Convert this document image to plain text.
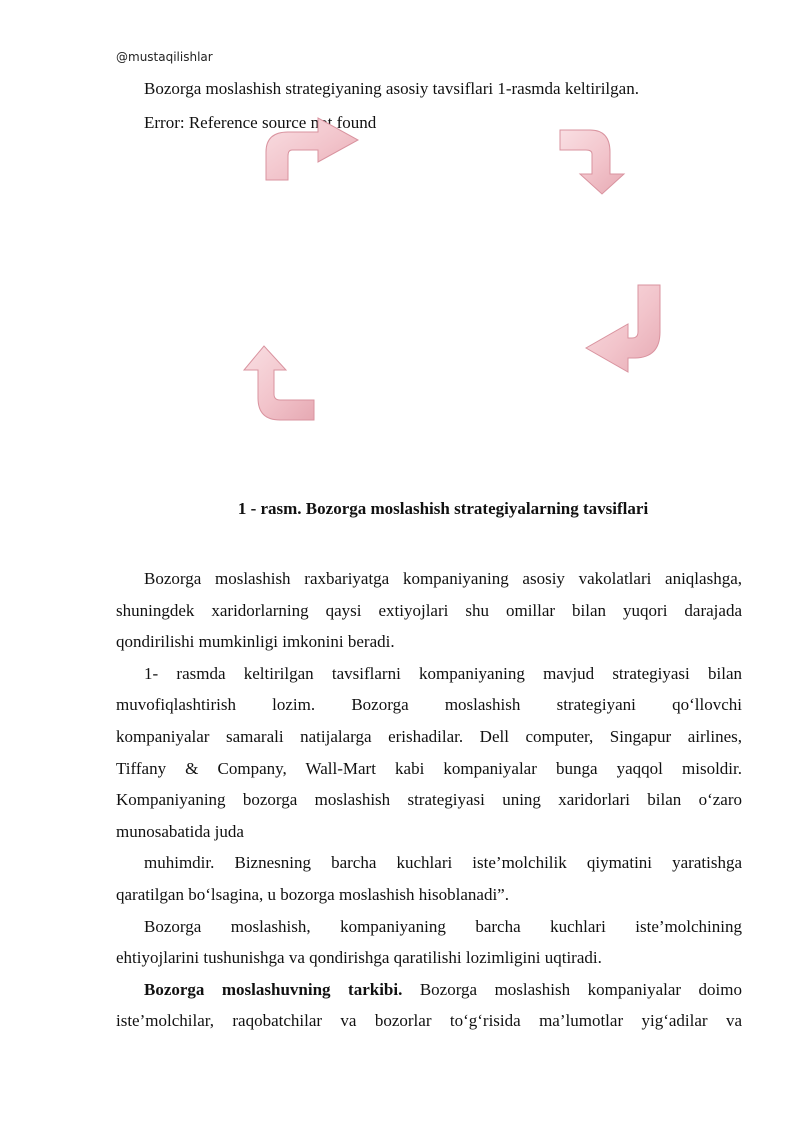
@mustaqilishlar
Bozorga moslashish strategiyaning asosiy tavsiflari 1-rasmda keltirilgan.
Error: Reference source not found
1 - rasm. Bozorga moslashish strategiyalarning tavsiflari

Bozorga moslashish raxbariyatga kompaniyaning asosiy vakolatlari aniqlashga,

shuningdek xaridorlarning qaysi extiyojlari shu omillar bilan yuqori darajada

qondirilishi mumkinligi imkonini beradi.

1- rasmda keltirilgan tavsiflarni kompaniyaning mavjud strategiyasi bilan

muvofiqlashtirish lozim. Bozorga moslashish strategiyani qo‘llovchi

kompaniyalar samarali natijalarga erishadilar. Dell computer, Singapur airlines,

Tiffany & Company, Wall-Mart kabi kompaniyalar bunga yaqqol misoldir.

Kompaniyaning bozorga moslashish strategiyasi uning xaridorlari bilan o‘zaro

munosabatida juda

muhimdir. Biznesning barcha kuchlari iste’molchilik qiymatini yaratishga

qaratilgan bo‘lsagina, u bozorga moslashish hisoblanadi”.

Bozorga moslashish, kompaniyaning barcha kuchlari iste’molchining

ehtiyojlarini tushunishga va qondirishga qaratilishi lozimligini uqtiradi.

Bozorga moslashuvning tarkibi. Bozorga moslashish kompaniyalar doimo

iste’molchilar, raqobatchilar va bozorlar to‘g‘risida ma’lumotlar yig‘adilar va
